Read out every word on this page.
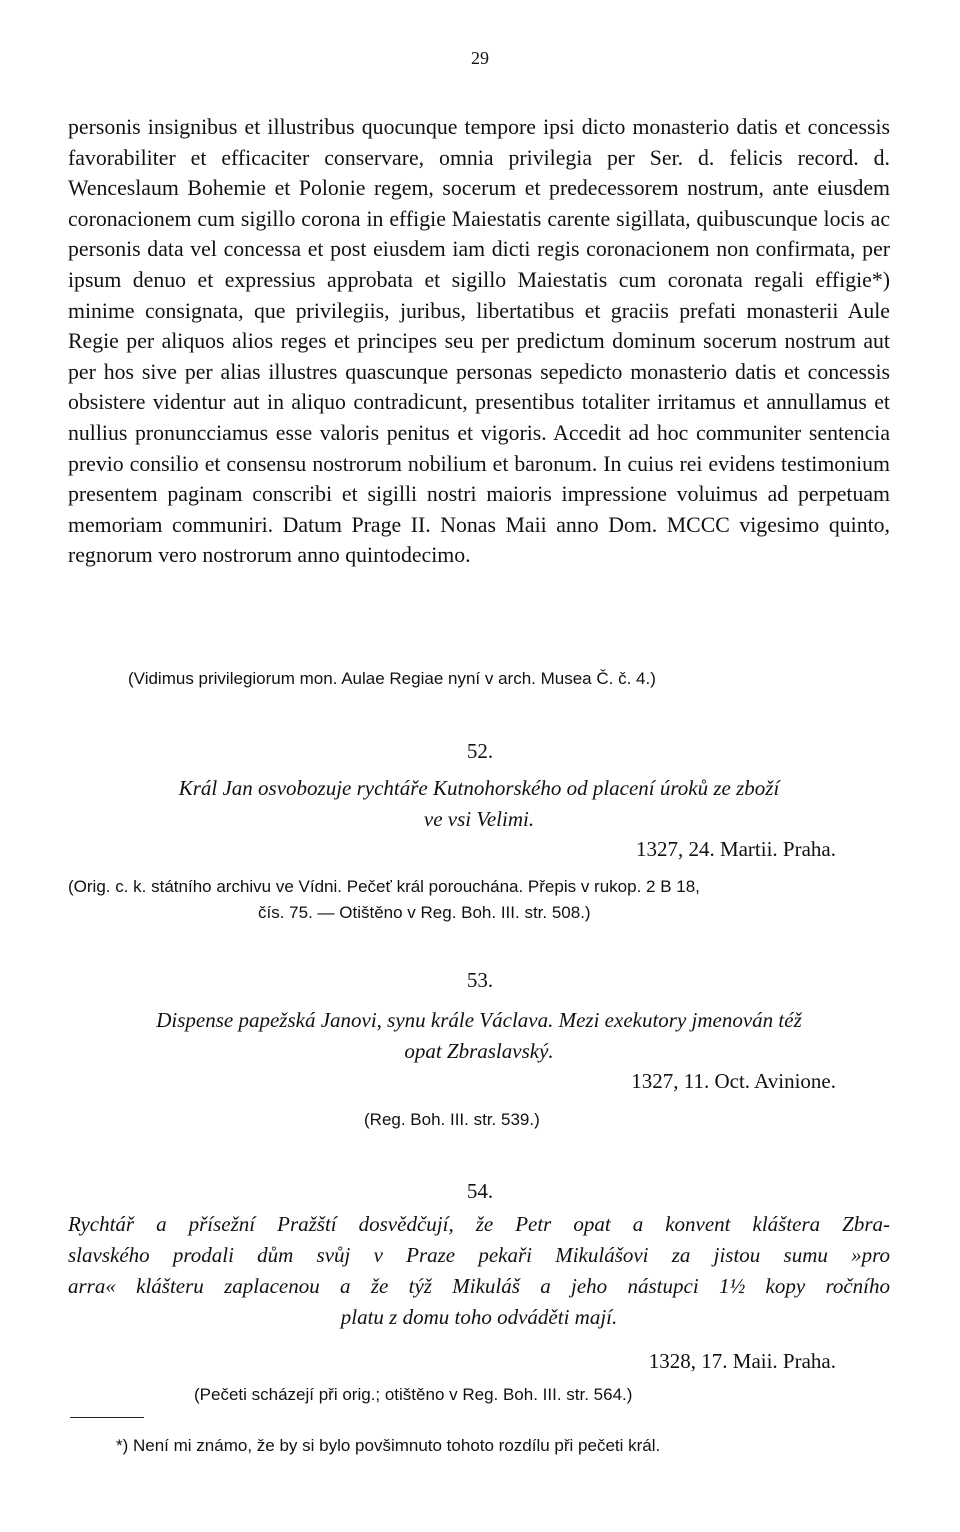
29

personis insignibus et illustribus quocunque tempore ipsi dicto monasterio datis et concessis favorabiliter et efficaciter conservare, omnia privilegia per Ser. d. felicis record. d. Wenceslaum Bohemie et Polonie regem, socerum et predecessorem nostrum, ante eiusdem coronacionem cum sigillo corona in effigie Maiestatis carente sigillata, quibuscunque locis ac personis data vel concessa et post eiusdem iam dicti regis coronacionem non confirmata, per ipsum denuo et expressius approbata et sigillo Maiestatis cum coronata regali effigie*) minime consignata, que privilegiis, juribus, libertatibus et graciis prefati monasterii Aule Regie per aliquos alios reges et principes seu per predictum dominum socerum nostrum aut per hos sive per alias illustres quascunque personas sepedicto monasterio datis et concessis obsistere videntur aut in aliquo contradicunt, presentibus totaliter irritamus et annullamus et nullius pronuncciamus esse valoris penitus et vigoris. Accedit ad hoc communiter sentencia previo consilio et consensu nostrorum nobilium et baronum. In cuius rei evidens testimonium presentem paginam conscribi et sigilli nostri maioris impressione voluimus ad perpetuam memoriam communiri. Datum Prage II. Nonas Maii anno Dom. MCCC vigesimo quinto, regnorum vero nostrorum anno quintodecimo.

(Vidimus privilegiorum mon. Aulae Regiae nyní v arch. Musea Č. č. 4.)
52.
Král Jan osvobozuje rychtáře Kutnohorského od placení úroků ze zboží
ve vsi Velimi.
1327, 24. Martii. Praha.
(Orig. c. k. státního archivu ve Vídni. Pečeť král porouchána. Přepis v rukop. 2 B 18,
čís. 75. — Otištěno v Reg. Boh. III. str. 508.)
53.
Dispense papežská Janovi, synu krále Václava. Mezi exekutory jmenován též
opat Zbraslavský.
1327, 11. Oct. Avinione.
(Reg. Boh. III. str. 539.)
54.
Rychtář a přísežní Pražští dosvědčují, že Petr opat a konvent kláštera Zbra-
slavského prodali dům svůj v Praze pekaři Mikulášovi za jistou sumu »pro
arra« klášteru zaplacenou a že týž Mikuláš a jeho nástupci 1½ kopy ročního
platu z domu toho odváděti mají.
1328, 17. Maii. Praha.
(Pečeti scházejí při orig.; otištěno v Reg. Boh. III. str. 564.)
*) Není mi známo, že by si bylo povšimnuto tohoto rozdílu při pečeti král.
